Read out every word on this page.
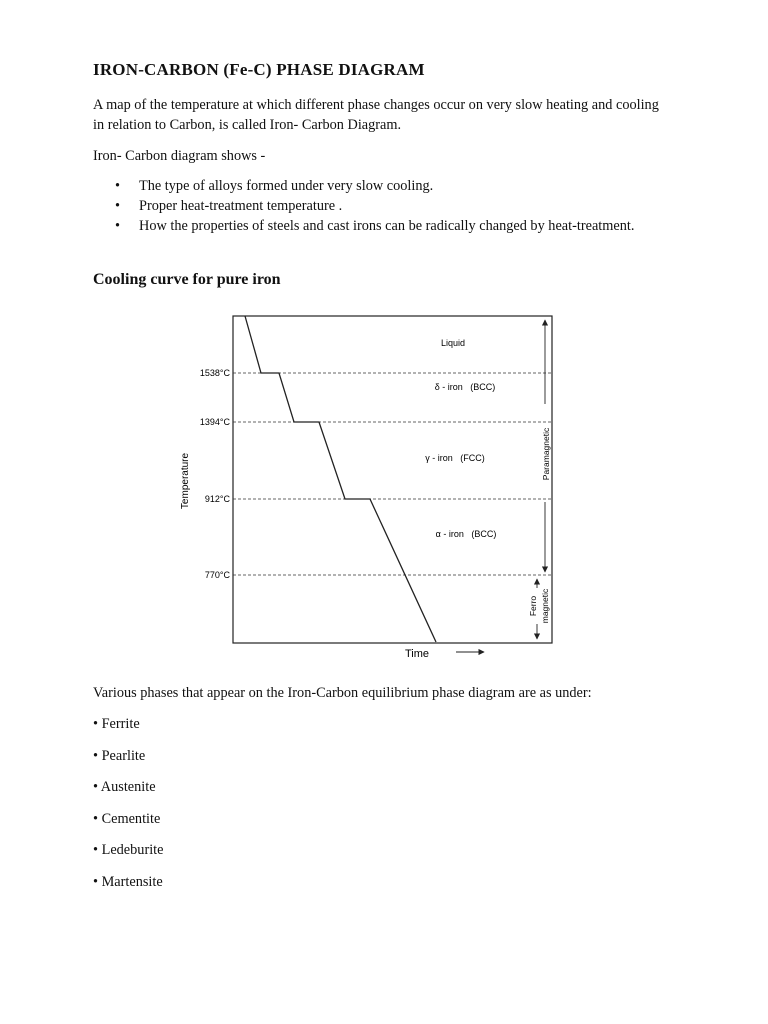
IRON-CARBON (Fe-C) PHASE DIAGRAM
A map of the temperature at which different phase changes occur on very slow heating and cooling in relation to Carbon, is called Iron- Carbon Diagram.
Iron- Carbon diagram shows -
• The type of alloys formed under very slow cooling.
• Proper heat-treatment temperature .
• How the properties of steels and cast irons can be radically changed by heat-treatment.
Cooling curve for pure iron
1538°C
1394°C
912°C
770°C
Liquid
δ - iron   (BCC)
γ - iron   (FCC)
α - iron   (BCC)
Temperature
Time
Paramagnetic
Ferro magnetic
Various phases that appear on the Iron-Carbon equilibrium phase diagram are as under:
• Ferrite
• Pearlite
• Austenite
• Cementite
• Ledeburite
• Martensite
